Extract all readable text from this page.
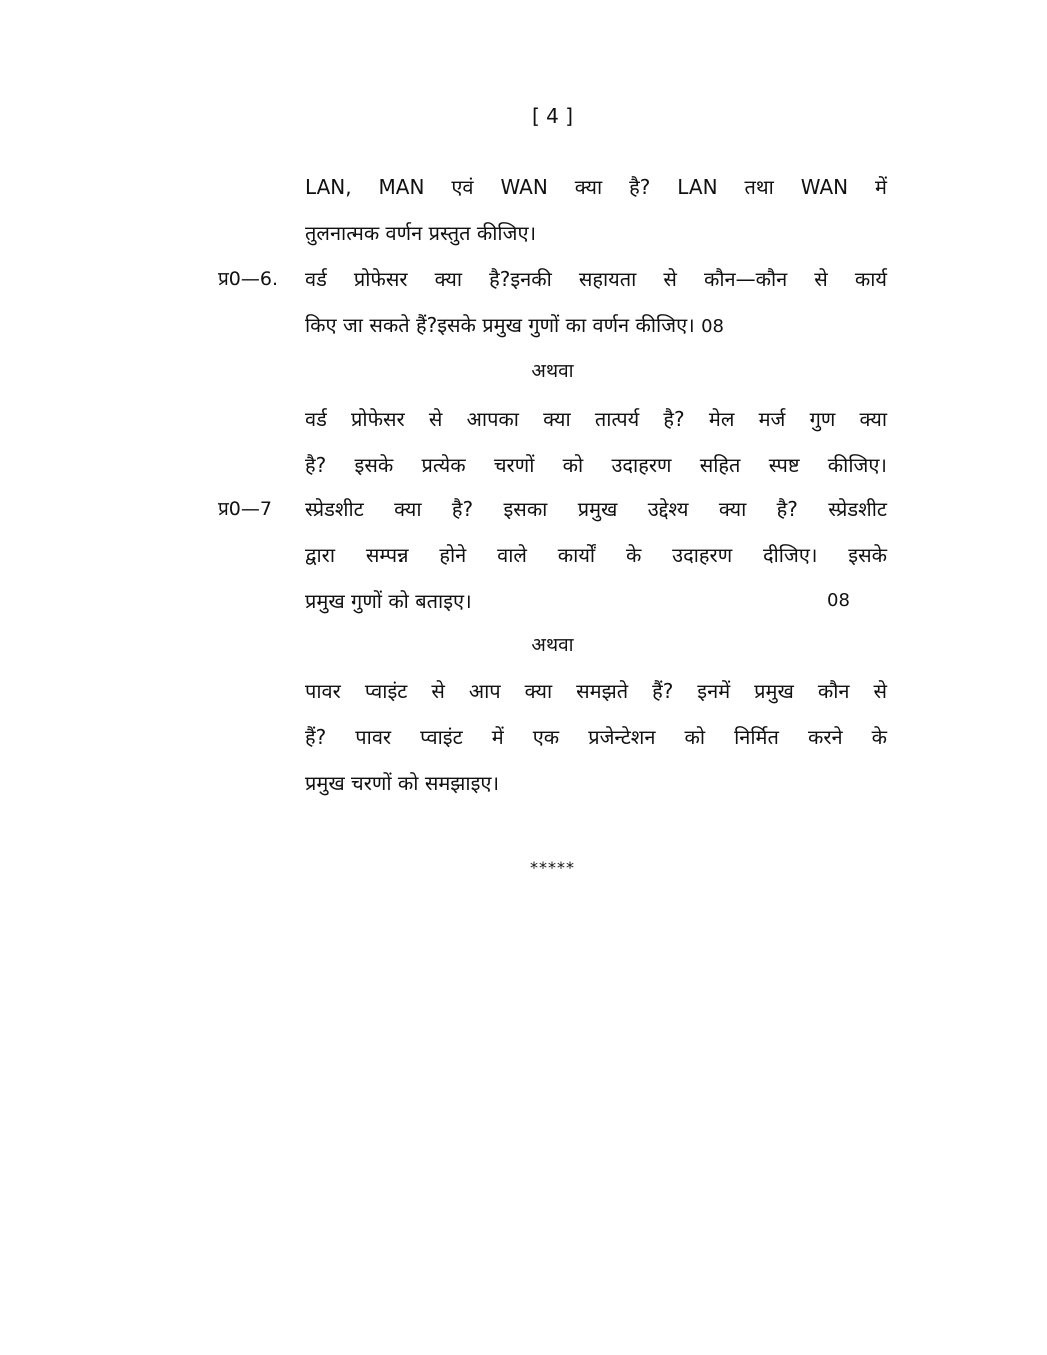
[ 4 ]
LAN, MAN एवं WAN क्या है? LAN तथा WAN में
तुलनात्मक वर्णन प्रस्तुत कीजिए।
प्र0—6. वर्ड प्रोफेसर क्या है?इनकी सहायता से कौन—कौन से कार्य
किए जा सकते हैं?इसके प्रमुख गुणों का वर्णन कीजिए। 08
अथवा
वर्ड प्रोफेसर से आपका क्या तात्पर्य है? मेल मर्ज गुण क्या
है? इसके प्रत्येक चरणों को उदाहरण सहित स्पष्ट कीजिए।
प्र0—7 स्प्रेडशीट क्या है? इसका प्रमुख उद्देश्य क्या है? स्प्रेडशीट
द्वारा सम्पन्न होने वाले कार्यों के उदाहरण दीजिए। इसके
प्रमुख गुणों को बताइए।	08
अथवा
पावर प्वाइंट से आप क्या समझते हैं? इनमें प्रमुख कौन से
हैं? पावर प्वाइंट में एक प्रजेन्टेशन को निर्मित करने के
प्रमुख चरणों को समझाइए।
*****
